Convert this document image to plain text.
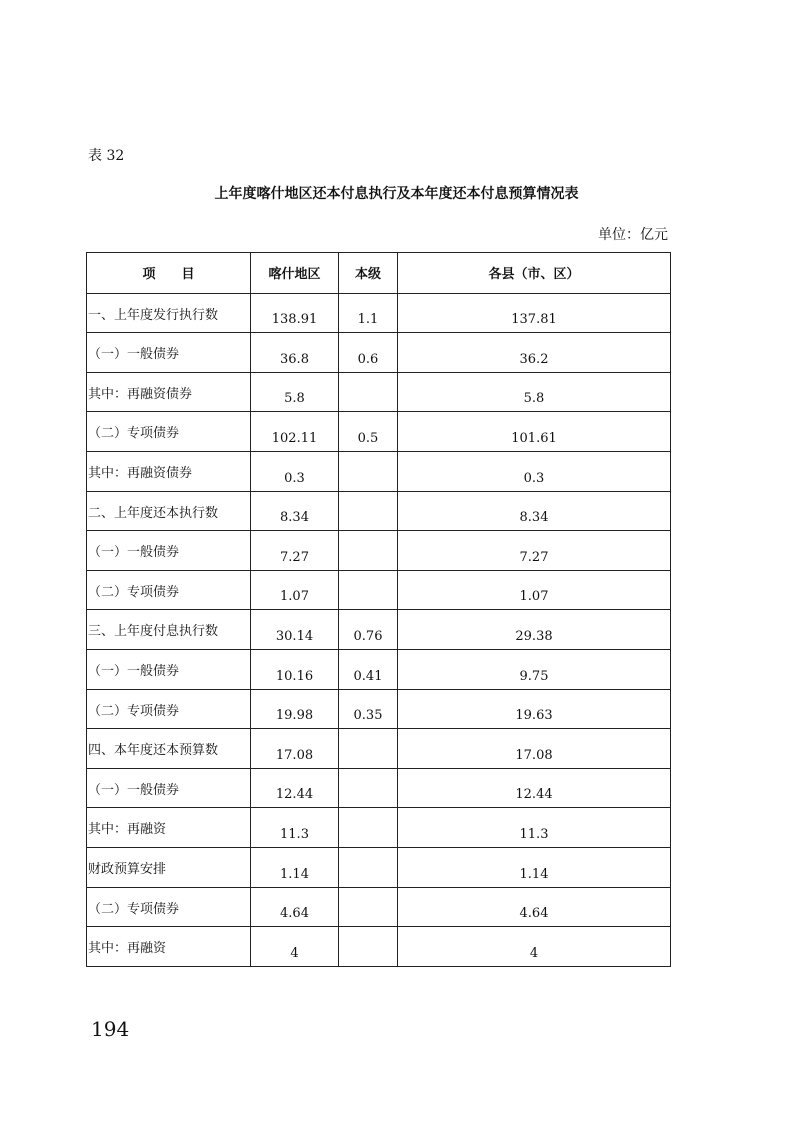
表 32
上年度喀什地区还本付息执行及本年度还本付息预算情况表
单位：亿元
项　　目	喀什地区	本级	各县（市、区）
一、上年度发行执行数	138.91	1.1	137.81
（一）一般债券	36.8	0.6	36.2
其中：再融资债券	5.8		5.8
（二）专项债券	102.11	0.5	101.61
其中：再融资债券	0.3		0.3
二、上年度还本执行数	8.34		8.34
（一）一般债券	7.27		7.27
（二）专项债券	1.07		1.07
三、上年度付息执行数	30.14	0.76	29.38
（一）一般债券	10.16	0.41	9.75
（二）专项债券	19.98	0.35	19.63
四、本年度还本预算数	17.08		17.08
（一）一般债券	12.44		12.44
其中：再融资	11.3		11.3
财政预算安排	1.14		1.14
（二）专项债券	4.64		4.64
其中：再融资	4		4
194
